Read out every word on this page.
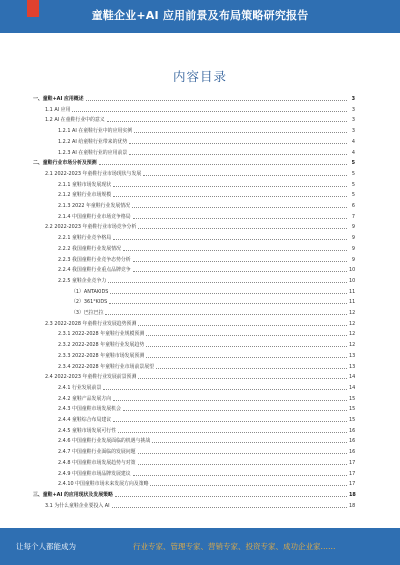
童鞋企业+AI 应用前景及布局策略研究报告
内容目录
一、童鞋+AI 应用概述	3
1.1 AI 应用	3
1.2 AI 在童鞋行业中的意义	3
1.2.1 AI 在童鞋行业中的应用实例	3
1.2.2 AI 给童鞋行业带来的优势	4
1.2.3 AI 在童鞋行业的应用前景	4
二、童鞋行业市场分析及预测	5
2.1 2022-2023 年童鞋行业市场现状与发展	5
2.1.1 童鞋市场发展现状	5
2.1.2 童鞋行业市场规模	5
2.1.3 2022 年童鞋行业发展情况	6
2.1.4 中国童鞋行业市场竞争格局	7
2.2 2022-2023 年童鞋行业市场竞争分析	9
2.2.1 童鞋行业竞争格局	9
2.2.2 我国童鞋行业发展情况	9
2.2.3 我国童鞋行业竞争态势分析	9
2.2.4 我国童鞋行业重点品牌竞争	10
2.2.5 童鞋企业竞争力	10
（1）ANTAKIDS	11
（2）361°KIDS	11
（3）巴拉巴拉	12
2.3 2022-2028 年童鞋行业发展趋势预测	12
2.3.1 2022-2028 年童鞋行业规模预测	12
2.3.2 2022-2028 年童鞋行业发展趋势	12
2.3.3 2022-2028 年童鞋市场发展预测	13
2.3.4 2022-2028 年童鞋行业市场前景展望	13
2.4 2022-2023 年童鞋行业发展前景预测	14
2.4.1 行业发展前景	14
2.4.2 童鞋产品发展方向	15
2.4.3 中国童鞋市场发展机会	15
2.4.4 童鞋综合布局建议	15
2.4.5 童鞋市场发展可行性	16
2.4.6 中国童鞋行业发展面临的机遇与挑战	16
2.4.7 中国童鞋行业面临的发展问题	16
2.4.8 中国童鞋市场发展趋势与对策	17
2.4.9 中国童鞋市场品牌发展建议	17
2.4.10 中国童鞋市场未来发展方向及策略	17
三、童鞋+AI 的应用现状及发展策略	18
3.1 为什么童鞋企业要投入 AI	18
让每个人都能成为	行业专家、管理专家、营销专家、投资专家、成功企业家……
